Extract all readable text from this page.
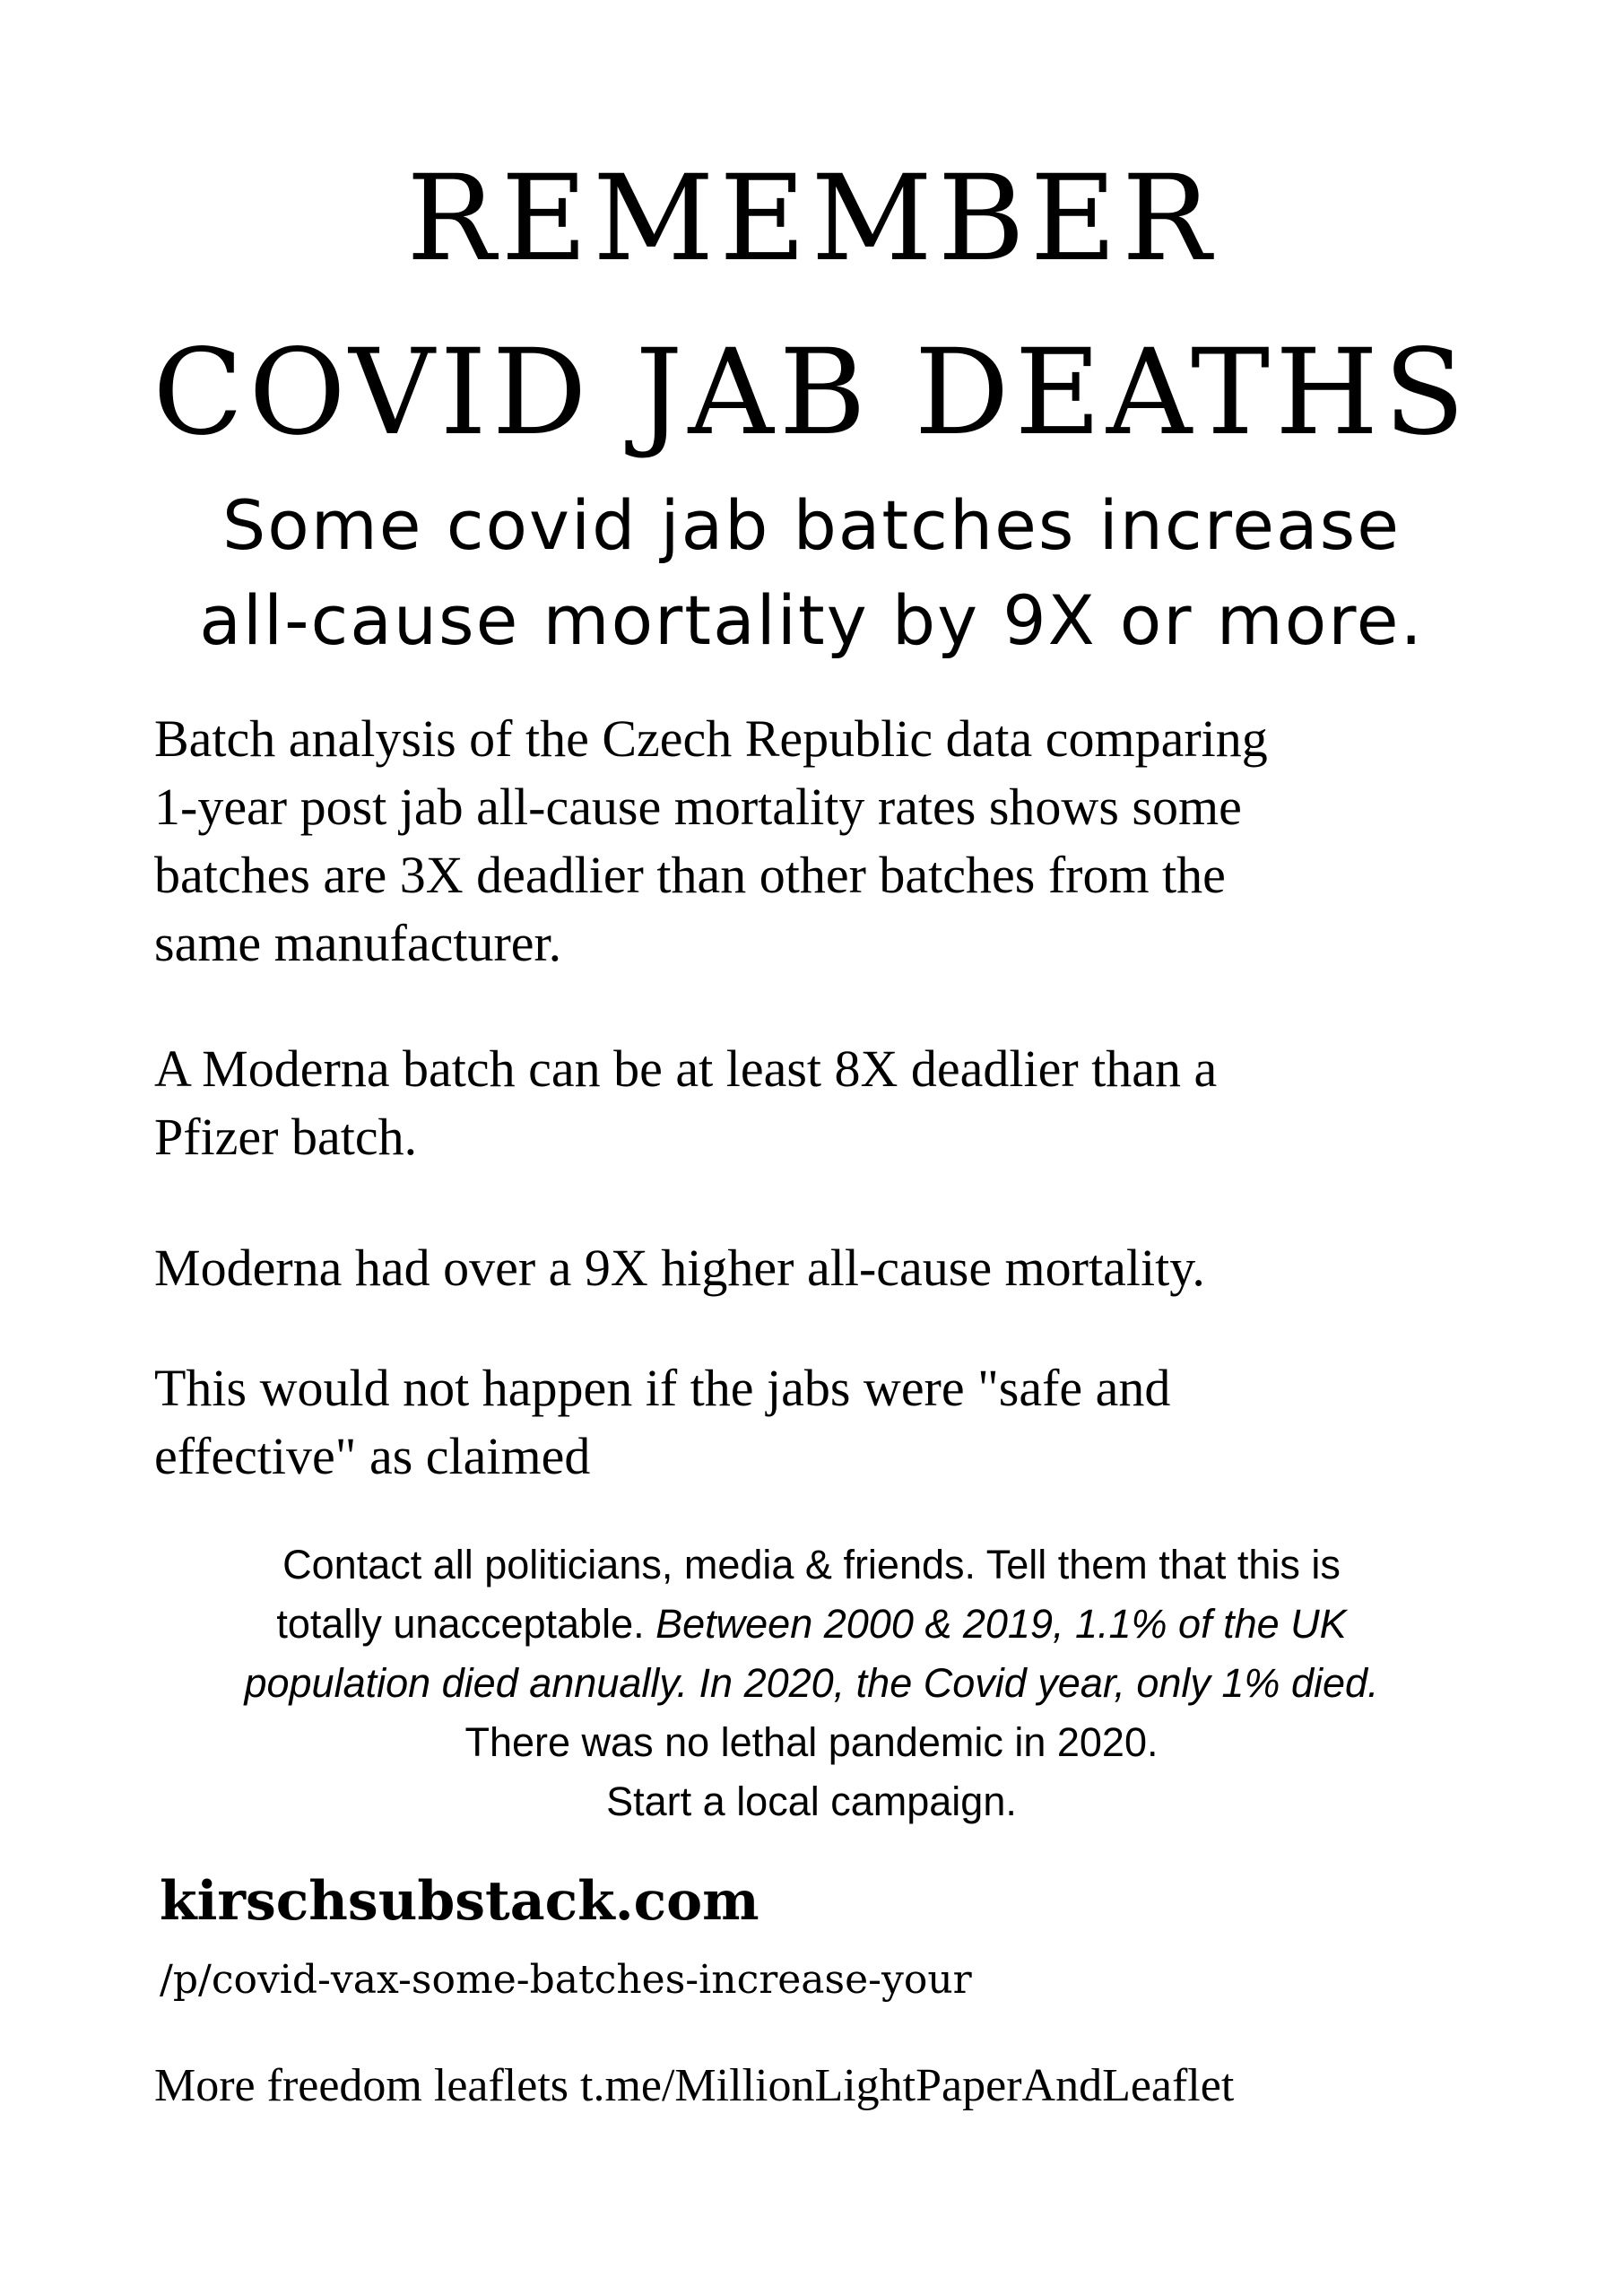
REMEMBER
COVID JAB DEATHS
Some covid jab batches increase
all-cause mortality by 9X or more.
Batch analysis of the Czech Republic data comparing
1-year post jab all-cause mortality rates shows some
batches are 3X deadlier than other batches from the
same manufacturer.
A Moderna batch can be at least 8X deadlier than a
Pfizer batch.
Moderna had over a 9X higher all-cause mortality.
This would not happen if the jabs were "safe and
effective" as claimed
Contact all politicians, media & friends. Tell them that this is
totally unacceptable. Between 2000 & 2019, 1.1% of the UK
population died annually. In 2020, the Covid year, only 1% died.
There was no lethal pandemic in 2020.
Start a local campaign.
kirschsubstack.com
/p/covid-vax-some-batches-increase-your
More freedom leaflets t.me/MillionLightPaperAndLeaflet
